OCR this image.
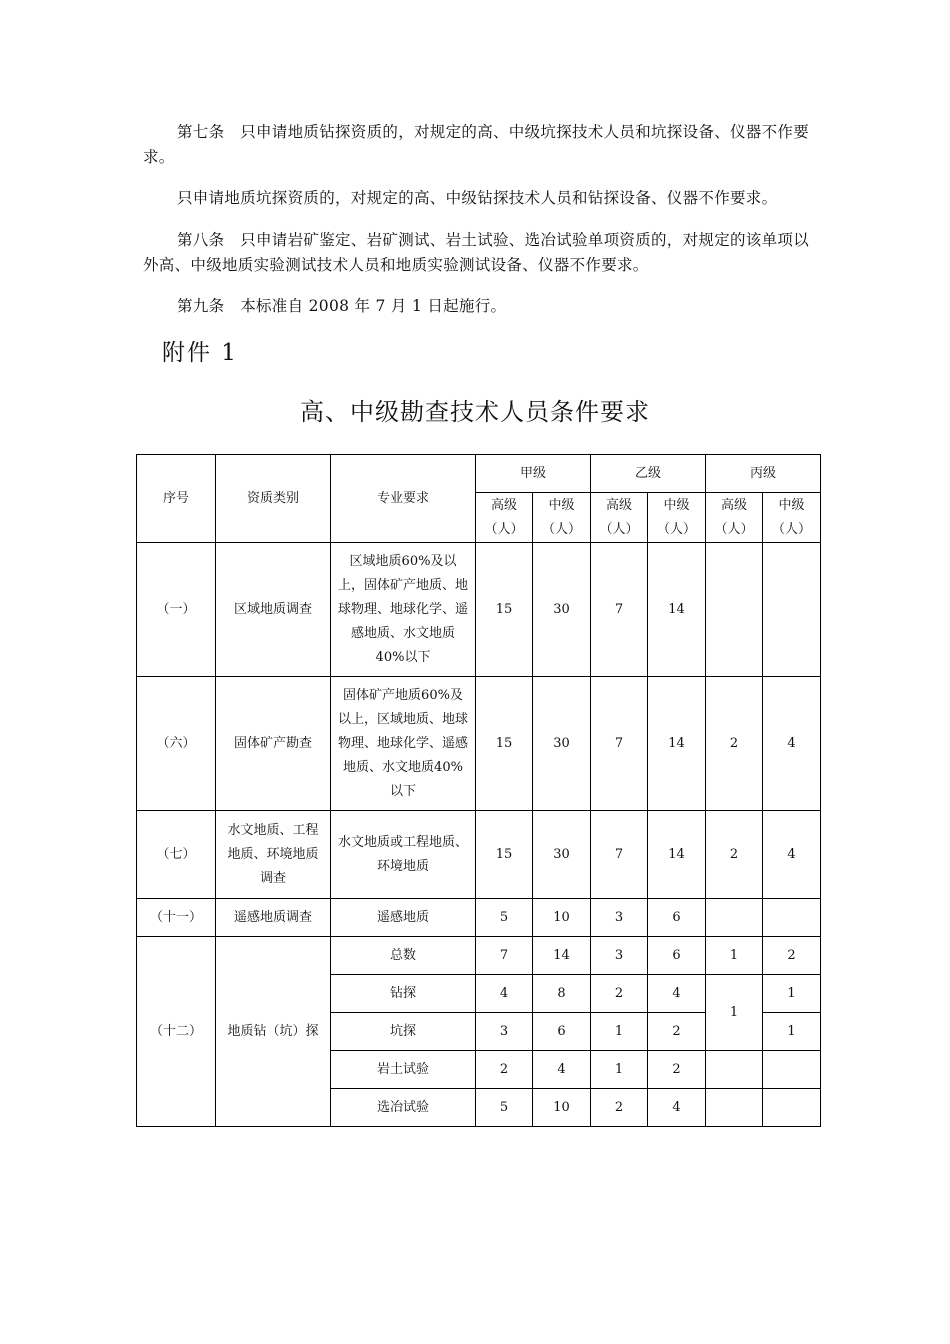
第七条　只申请地质钻探资质的，对规定的高、中级坑探技术人员和坑探设备、仪器不作要求。

只申请地质坑探资质的，对规定的高、中级钻探技术人员和钻探设备、仪器不作要求。

第八条　只申请岩矿鉴定、岩矿测试、岩土试验、选冶试验单项资质的，对规定的该单项以外高、中级地质实验测试技术人员和地质实验测试设备、仪器不作要求。

第九条　本标准自 2008 年 7 月 1 日起施行。

附件 1
高、中级勘查技术人员条件要求
序号	资质类别	专业要求	甲级		乙级		丙级	
			高级（人）	中级（人）	高级（人）	中级（人）	高级（人）	中级（人）
（一）	区域地质调查	区域地质60%及以上，固体矿产地质、地球物理、地球化学、遥感地质、水文地质40%以下	15	30	7	14		
（六）	固体矿产勘查	固体矿产地质60%及以上，区域地质、地球物理、地球化学、遥感地质、水文地质40%以下	15	30	7	14	2	4
（七）	水文地质、工程地质、环境地质调查	水文地质或工程地质、环境地质	15	30	7	14	2	4
（十一）	遥感地质调查	遥感地质	5	10	3	6		
（十二）	地质钻（坑）探	总数	7	14	3	6	1	2
		钻探	4	8	2	4	1	1
		坑探	3	6	1	2		1
		岩土试验	2	4	1	2		
		选冶试验	5	10	2	4		
